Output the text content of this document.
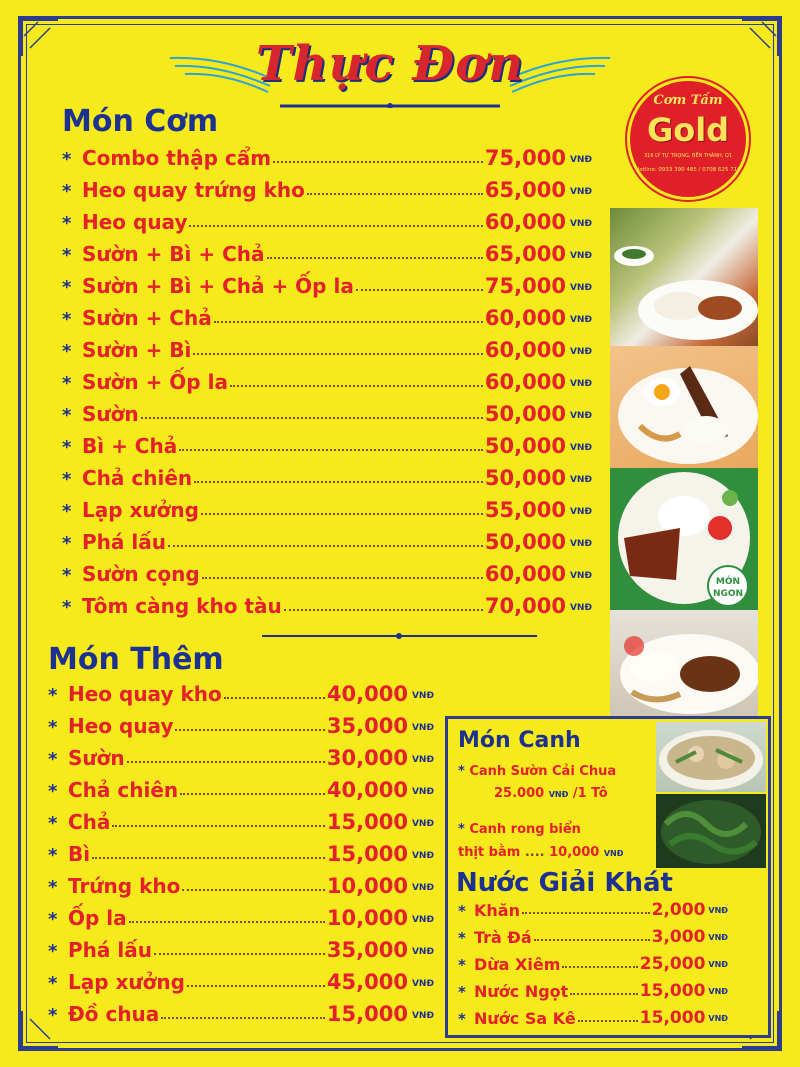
Thực Đơn
Cơm Tấm
Gold
316 LÝ TỰ TRỌNG, BẾN THÀNH, Q1
Hotline: 0933 390 485 / 0708 625 716
Món Cơm
* Combo thập cẩm	75,000 VNĐ
* Heo quay trứng kho	65,000 VNĐ
* Heo quay	60,000 VNĐ
* Sườn + Bì + Chả	65,000 VNĐ
* Sườn + Bì + Chả + Ốp la	75,000 VNĐ
* Sườn + Chả	60,000 VNĐ
* Sườn + Bì	60,000 VNĐ
* Sườn + Ốp la	60,000 VNĐ
* Sườn	50,000 VNĐ
* Bì + Chả	50,000 VNĐ
* Chả chiên	50,000 VNĐ
* Lạp xưởng	55,000 VNĐ
* Phá lấu	50,000 VNĐ
* Sườn cọng	60,000 VNĐ
* Tôm càng kho tàu	70,000 VNĐ
MÓN
NGON
Món Thêm
* Heo quay kho	40,000 VNĐ
* Heo quay	35,000 VNĐ
* Sườn	30,000 VNĐ
* Chả chiên	40,000 VNĐ
* Chả	15,000 VNĐ
* Bì	15,000 VNĐ
* Trứng kho	10,000 VNĐ
* Ốp la	10,000 VNĐ
* Phá lấu	35,000 VNĐ
* Lạp xưởng	45,000 VNĐ
* Đồ chua	15,000 VNĐ
Món Canh
* Canh Sườn Cải Chua
25.000 VNĐ /1 Tô
* Canh rong biển
thịt bằm .... 10,000 VNĐ
Nước Giải Khát
* Khăn	2,000 VNĐ
* Trà Đá	3,000 VNĐ
* Dừa Xiêm	25,000 VNĐ
* Nước Ngọt	15,000 VNĐ
* Nước Sa Kê	15,000 VNĐ
